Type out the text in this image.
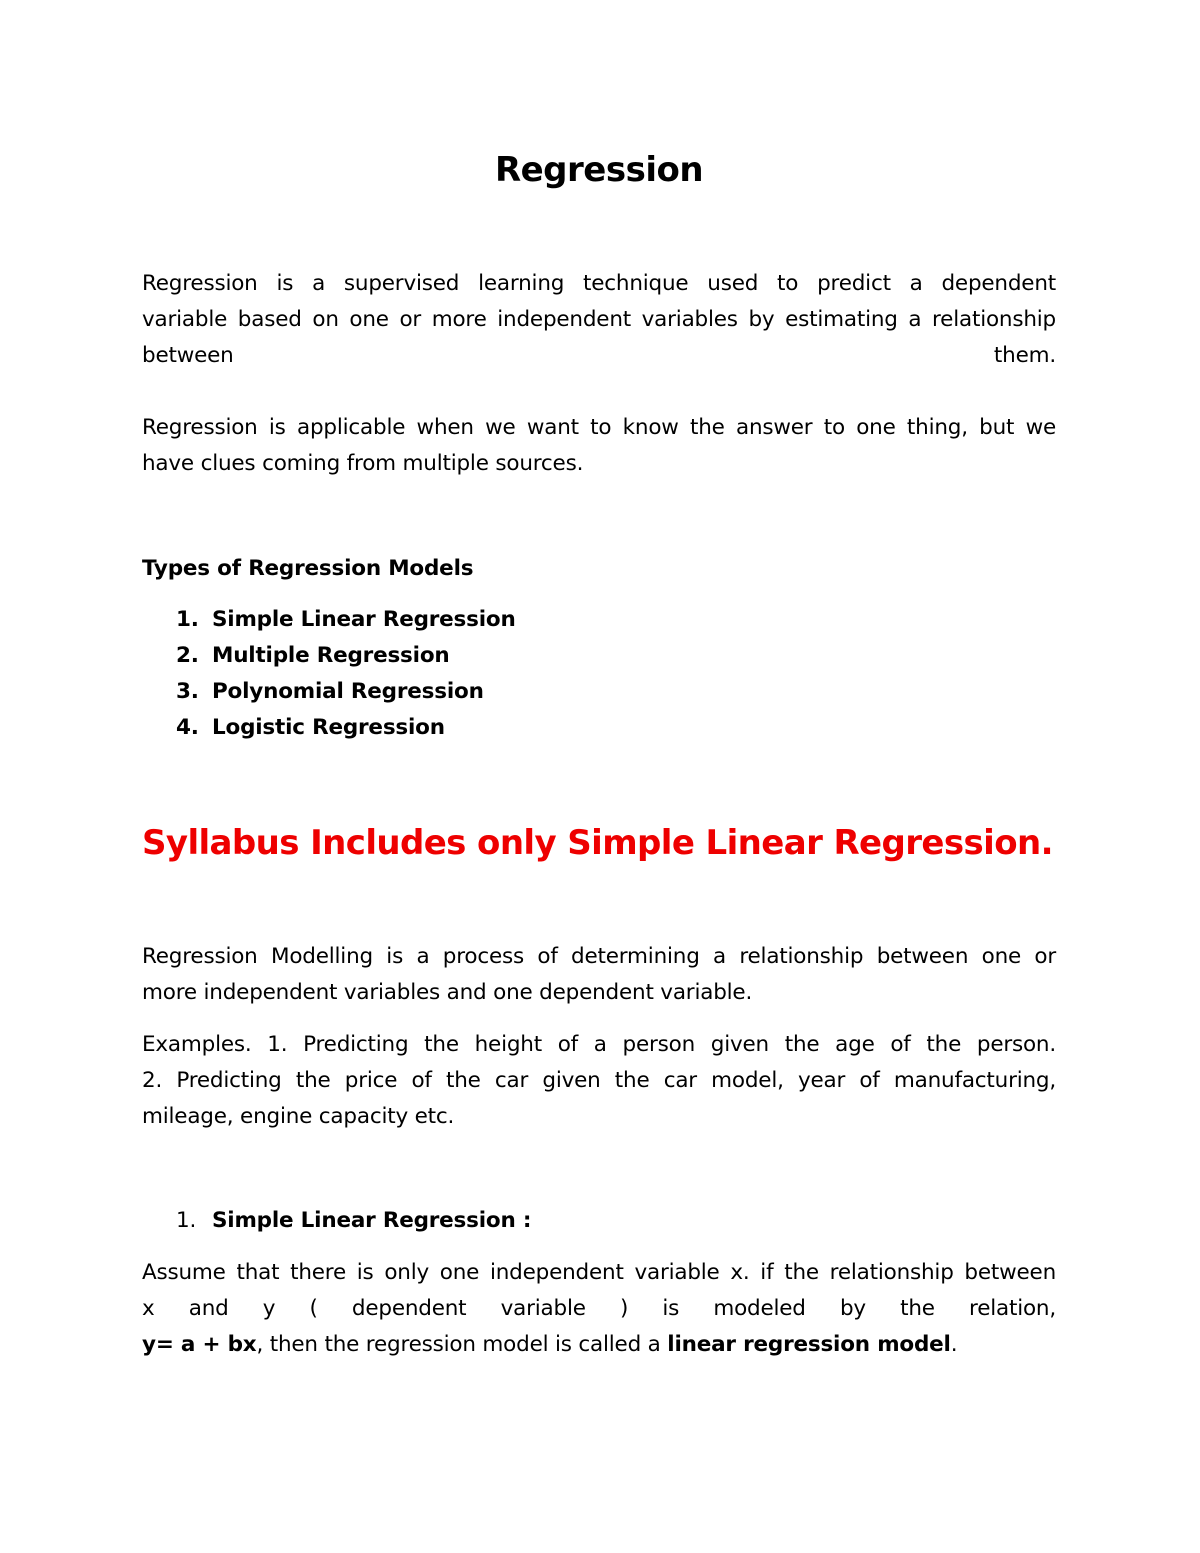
Regression
Regression is a supervised learning technique used to predict a dependent
variable based on one or more independent variables by estimating a relationship
between them.
Regression is applicable when we want to know the answer to one thing, but we
have clues coming from multiple sources.
Types of Regression Models
1. Simple Linear Regression
2. Multiple Regression
3. Polynomial Regression
4. Logistic Regression
Syllabus Includes only Simple Linear Regression.
Regression Modelling is a process of determining a relationship between one or
more independent variables and one dependent variable.
Examples. 1. Predicting the height of a person given the age of the person.
2. Predicting the price of the car given the car model, year of manufacturing,
mileage, engine capacity etc.
1. Simple Linear Regression :
Assume that there is only one independent variable x. if the relationship between
x and y ( dependent variable ) is modeled by the relation,
y= a + bx, then the regression model is called a linear regression model.
